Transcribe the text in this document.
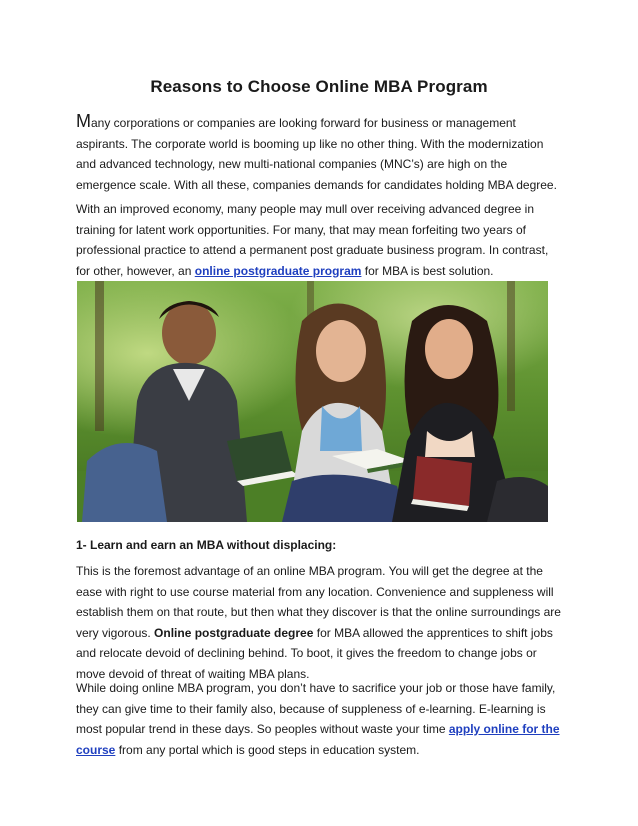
Reasons to Choose Online MBA Program

Many corporations or companies are looking forward for business or management aspirants. The corporate world is booming up like no other thing. With the modernization and advanced technology, new multi-national companies (MNC’s) are high on the emergence scale. With all these, companies demands for candidates holding MBA degree.

With an improved economy, many people may mull over receiving advanced degree in training for latent work opportunities. For many, that may mean forfeiting two years of professional practice to attend a permanent post graduate business program. In contrast, for other, however, an online postgraduate program for MBA is best solution.

1- Learn and earn an MBA without displacing:

This is the foremost advantage of an online MBA program. You will get the degree at the ease with right to use course material from any location. Convenience and suppleness will establish them on that route, but then what they discover is that the online surroundings are very vigorous. Online postgraduate degree for MBA allowed the apprentices to shift jobs and relocate devoid of declining behind. To boot, it gives the freedom to change jobs or move devoid of threat of waiting MBA plans.

While doing online MBA program, you don’t have to sacrifice your job or those have family, they can give time to their family also, because of suppleness of e-learning. E-learning is most popular trend in these days. So peoples without waste your time apply online for the course from any portal which is good steps in education system.
